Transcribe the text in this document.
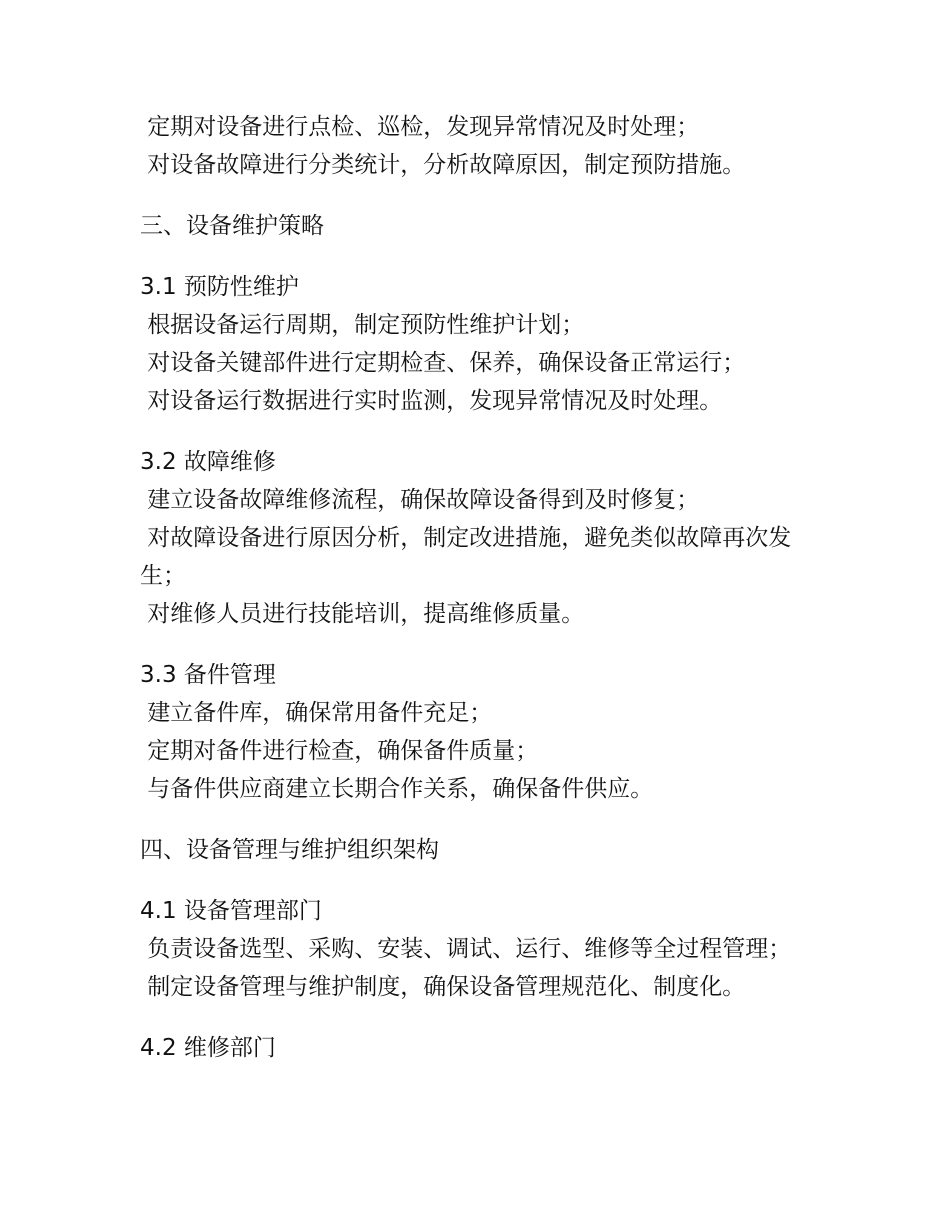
定期对设备进行点检、巡检，发现异常情况及时处理；

对设备故障进行分类统计，分析故障原因，制定预防措施。

三、设备维护策略

3.1 预防性维护

根据设备运行周期，制定预防性维护计划；

对设备关键部件进行定期检查、保养，确保设备正常运行；

对设备运行数据进行实时监测，发现异常情况及时处理。

3.2 故障维修

建立设备故障维修流程，确保故障设备得到及时修复；

对故障设备进行原因分析，制定改进措施，避免类似故障再次发生；

对维修人员进行技能培训，提高维修质量。

3.3 备件管理

建立备件库，确保常用备件充足；

定期对备件进行检查，确保备件质量；

与备件供应商建立长期合作关系，确保备件供应。

四、设备管理与维护组织架构

4.1 设备管理部门

负责设备选型、采购、安装、调试、运行、维修等全过程管理；

制定设备管理与维护制度，确保设备管理规范化、制度化。

4.2 维修部门
